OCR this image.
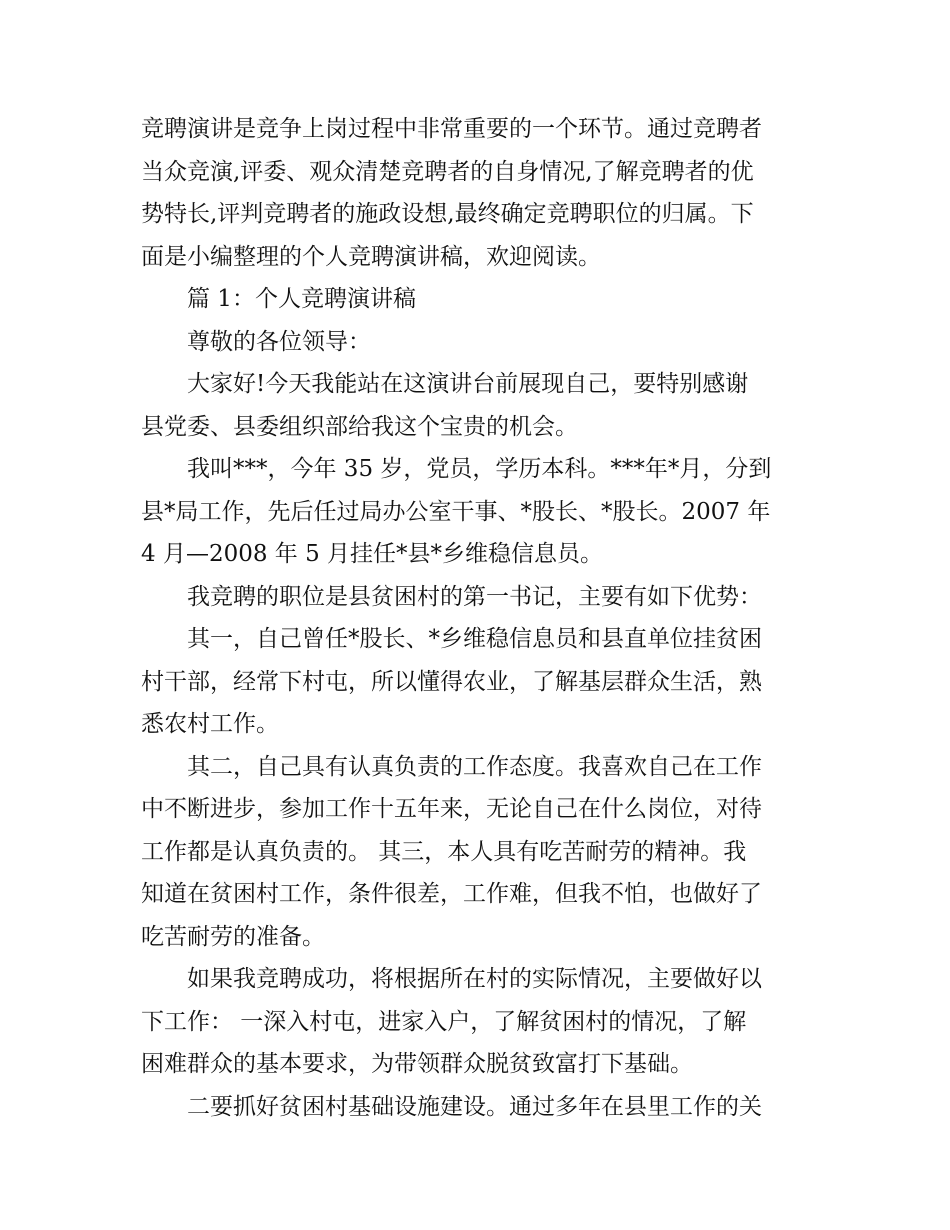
竞聘演讲是竞争上岗过程中非常重要的一个环节。通过竞聘者
当众竞演,评委、观众清楚竞聘者的自身情况,了解竞聘者的优
势特长,评判竞聘者的施政设想,最终确定竞聘职位的归属。下
面是小编整理的个人竞聘演讲稿，欢迎阅读。
篇 1：个人竞聘演讲稿
尊敬的各位领导：
大家好!今天我能站在这演讲台前展现自己，要特别感谢
县党委、县委组织部给我这个宝贵的机会。
我叫***，今年 35 岁，党员，学历本科。***年*月，分到
县*局工作，先后任过局办公室干事、*股长、*股长。2007 年
4 月—2008 年 5 月挂任*县*乡维稳信息员。
我竞聘的职位是县贫困村的第一书记，主要有如下优势：
其一，自己曾任*股长、*乡维稳信息员和县直单位挂贫困
村干部，经常下村屯，所以懂得农业，了解基层群众生活，熟
悉农村工作。
其二，自己具有认真负责的工作态度。我喜欢自己在工作
中不断进步，参加工作十五年来，无论自己在什么岗位，对待
工作都是认真负责的。 其三，本人具有吃苦耐劳的精神。我
知道在贫困村工作，条件很差，工作难，但我不怕，也做好了
吃苦耐劳的准备。
如果我竞聘成功，将根据所在村的实际情况，主要做好以
下工作： 一深入村屯，进家入户，了解贫困村的情况，了解
困难群众的基本要求，为带领群众脱贫致富打下基础。
二要抓好贫困村基础设施建设。通过多年在县里工作的关
